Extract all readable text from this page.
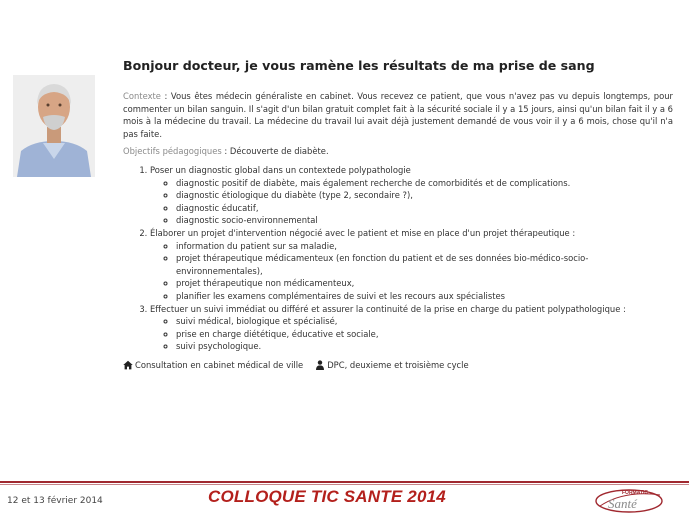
Bonjour docteur, je vous ramène les résultats de ma prise de sang

Contexte : Vous êtes médecin généraliste en cabinet. Vous recevez ce patient, que vous n'avez pas vu depuis longtemps, pour commenter un bilan sanguin. Il s'agit d'un bilan gratuit complet fait à la sécurité sociale il y a 15 jours, ainsi qu'un bilan fait il y a 6 mois à la médecine du travail. La médecine du travail lui avait déjà justement demandé de vous voir il y a 6 mois, chose qu'il n'a pas faite.

Objectifs pédagogiques : Découverte de diabète.

1. Poser un diagnostic global dans un contextede polypathologie
◦ diagnostic positif de diabète, mais également recherche de comorbidités et de complications.
◦ diagnostic étiologique du diabète (type 2, secondaire ?),
◦ diagnostic éducatif,
◦ diagnostic socio-environnemental
2. Élaborer un projet d'intervention négocié avec le patient et mise en place d'un projet thérapeutique :
◦ information du patient sur sa maladie,
◦ projet thérapeutique médicamenteux (en fonction du patient et de ses données bio-médico-socio-environnementales),
◦ projet thérapeutique non médicamenteux,
◦ planifier les examens complémentaires de suivi et les recours aux spécialistes
3. Effectuer un suivi immédiat ou différé et assurer la continuité de la prise en charge du patient polypathologique :
◦ suivi médical, biologique et spécialisé,
◦ prise en charge diététique, éducative et sociale,
◦ suivi psychologique.
Consultation en cabinet médical de ville	DPC, deuxieme et troisième cycle
12 et 13 février 2014	COLLOQUE TIC SANTE 2014	FORMATIC
Santé
